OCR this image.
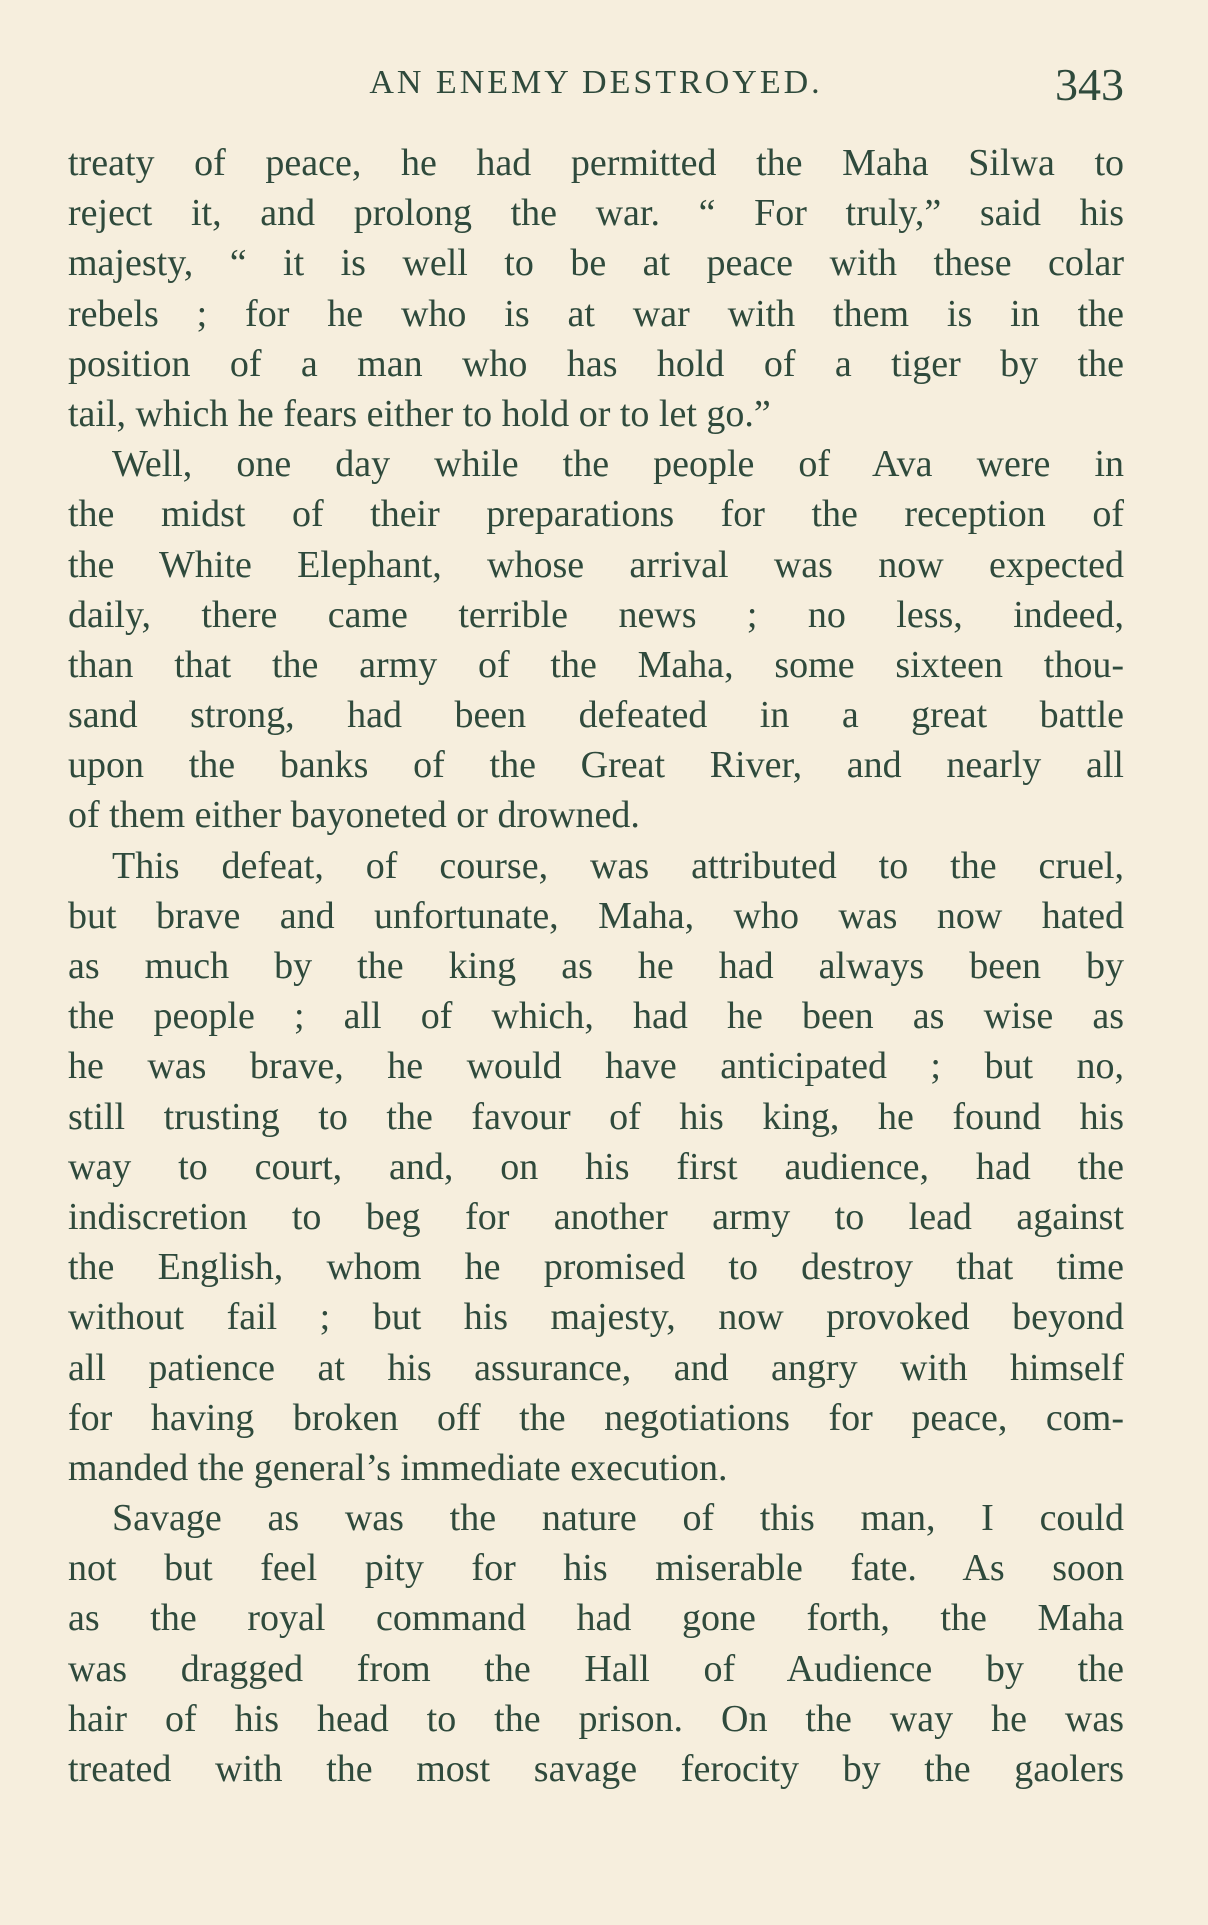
AN ENEMY DESTROYED.	343
treaty of peace, he had permitted the Maha Silwa to
reject it, and prolong the war. “ For truly,” said his
majesty, “ it is well to be at peace with these colar
rebels ; for he who is at war with them is in the
position of a man who has hold of a tiger by the
tail, which he fears either to hold or to let go.”
Well, one day while the people of Ava were in
the midst of their preparations for the reception of
the White Elephant, whose arrival was now expected
daily, there came terrible news ; no less, indeed,
than that the army of the Maha, some sixteen thou-
sand strong, had been defeated in a great battle
upon the banks of the Great River, and nearly all
of them either bayoneted or drowned.
This defeat, of course, was attributed to the cruel,
but brave and unfortunate, Maha, who was now hated
as much by the king as he had always been by
the people ; all of which, had he been as wise as
he was brave, he would have anticipated ; but no,
still trusting to the favour of his king, he found his
way to court, and, on his first audience, had the
indiscretion to beg for another army to lead against
the English, whom he promised to destroy that time
without fail ; but his majesty, now provoked beyond
all patience at his assurance, and angry with himself
for having broken off the negotiations for peace, com-
manded the general’s immediate execution.
Savage as was the nature of this man, I could
not but feel pity for his miserable fate. As soon
as the royal command had gone forth, the Maha
was dragged from the Hall of Audience by the
hair of his head to the prison. On the way he was
treated with the most savage ferocity by the gaolers
